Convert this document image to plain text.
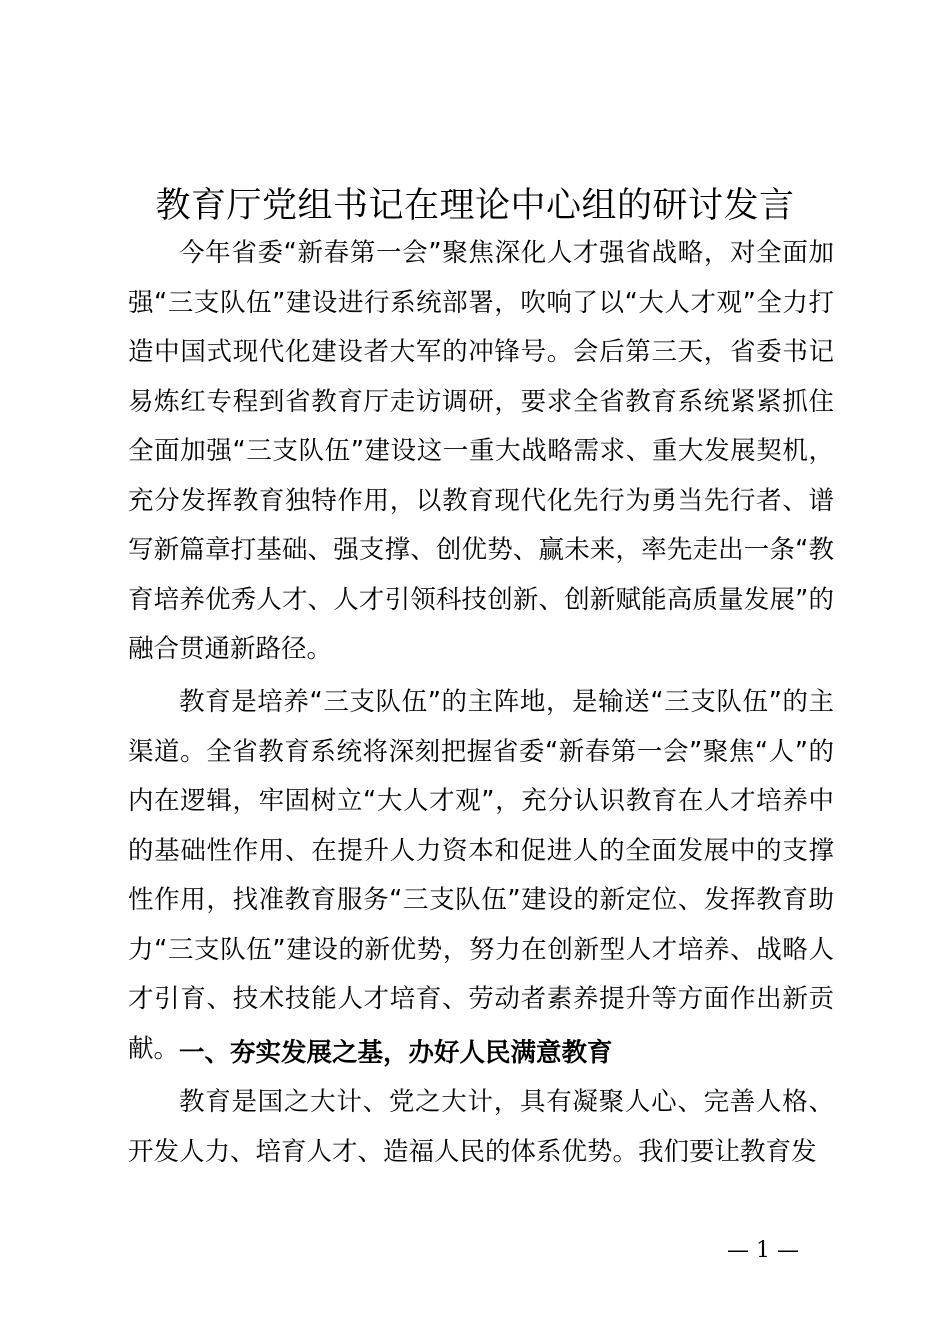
教育厅党组书记在理论中心组的研讨发言

今年省委“新春第一会”聚焦深化人才强省战略，对全面加强“三支队伍”建设进行系统部署，吹响了以“大人才观”全力打造中国式现代化建设者大军的冲锋号。会后第三天，省委书记易炼红专程到省教育厅走访调研，要求全省教育系统紧紧抓住全面加强“三支队伍”建设这一重大战略需求、重大发展契机，充分发挥教育独特作用，以教育现代化先行为勇当先行者、谱写新篇章打基础、强支撑、创优势、赢未来，率先走出一条“教育培养优秀人才、人才引领科技创新、创新赋能高质量发展”的融合贯通新路径。

教育是培养“三支队伍”的主阵地，是输送“三支队伍”的主渠道。全省教育系统将深刻把握省委“新春第一会”聚焦“人”的内在逻辑，牢固树立“大人才观”，充分认识教育在人才培养中的基础性作用、在提升人力资本和促进人的全面发展中的支撑性作用，找准教育服务“三支队伍”建设的新定位、发挥教育助力“三支队伍”建设的新优势，努力在创新型人才培养、战略人才引育、技术技能人才培育、劳动者素养提升等方面作出新贡献。 一、夯实发展之基，办好人民满意教育

教育是国之大计、党之大计，具有凝聚人心、完善人格、开发人力、培育人才、造福人民的体系优势。我们要让教育发

— 1 —
